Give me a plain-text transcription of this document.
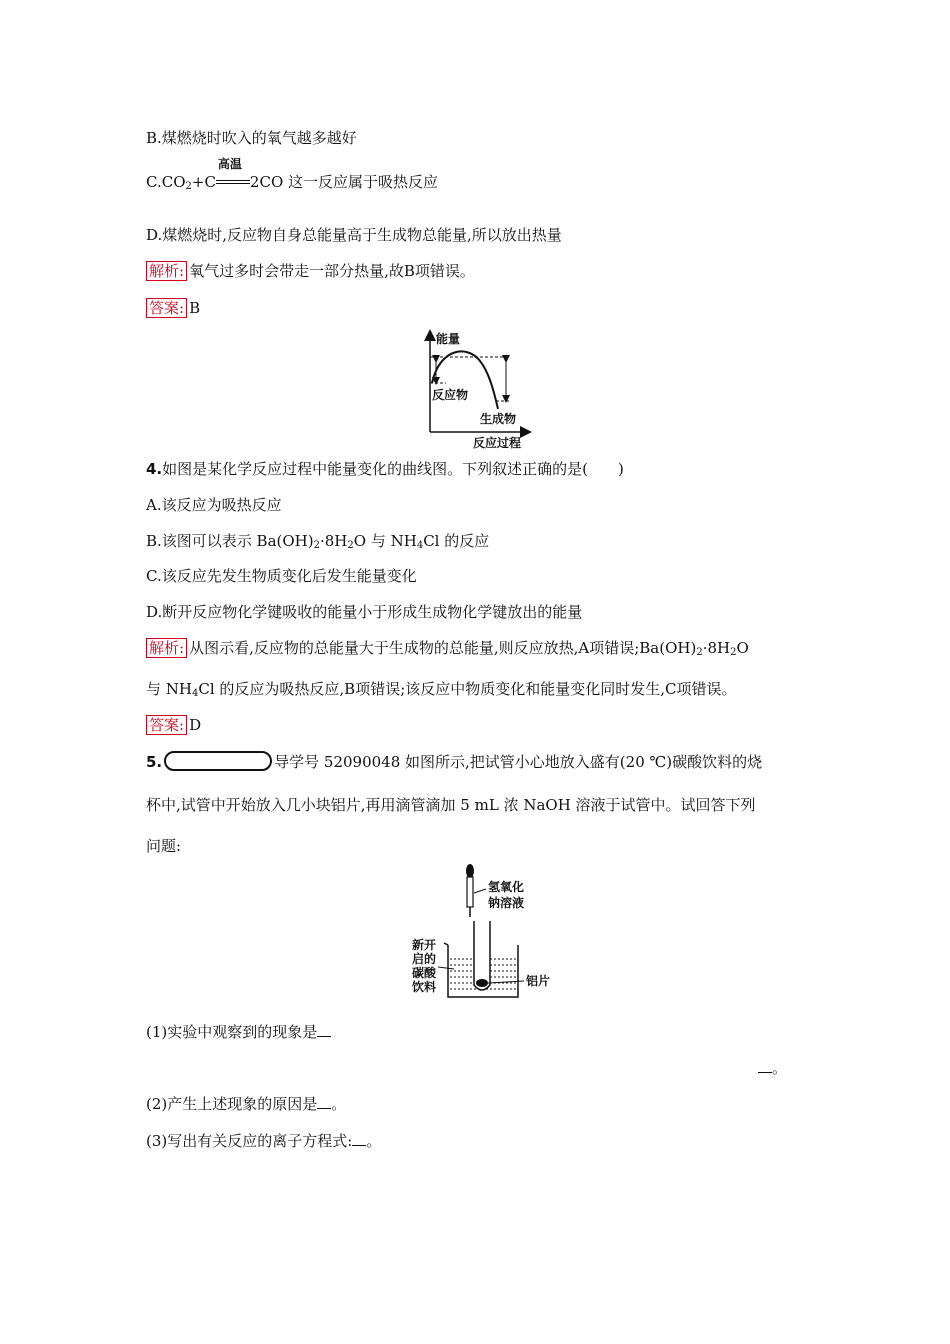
B.煤燃烧时吹入的氧气越多越好
$C.CO_2+C$
高温
2CO 这一反应属于吸热反应
D.煤燃烧时,反应物自身总能量高于生成物总能量,所以放出热量
解析: 氧气过多时会带走一部分热量,故B项错误。
答案: B
能量
反应过程
反应物
生成物
4.如图是某化学反应过程中能量变化的曲线图。下列叙述正确的是(　　)
A.该反应为吸热反应
B.该图可以表示 $Ba(OH)_2\cdot 8H_2O$ 与 $NH_4Cl$ 的反应
C.该反应先发生物质变化后发生能量变化
D.断开反应物化学键吸收的能量小于形成生成物化学键放出的能量
解析: 从图示看,反应物的总能量大于生成物的总能量,则反应放热,A项错误$;Ba(OH)_2\cdot 8H_2O$
与 $NH_4Cl$ 的反应为吸热反应,B项错误;该反应中物质变化和能量变化同时发生,C项错误。
答案: D
5.	导学号 52090048 如图所示,把试管小心地放入盛有(20 ℃)碳酸饮料的烧
杯中,试管中开始放入几小块铝片,再用滴管滴加 5 mL 浓 NaOH 溶液于试管中。试回答下列
问题:
氢氧化
钠溶液
新开
启的
碳酸
饮料	铝片
(1)实验中观察到的现象是
。
(2)产生上述现象的原因是 。
(3)写出有关反应的离子方程式: 。
